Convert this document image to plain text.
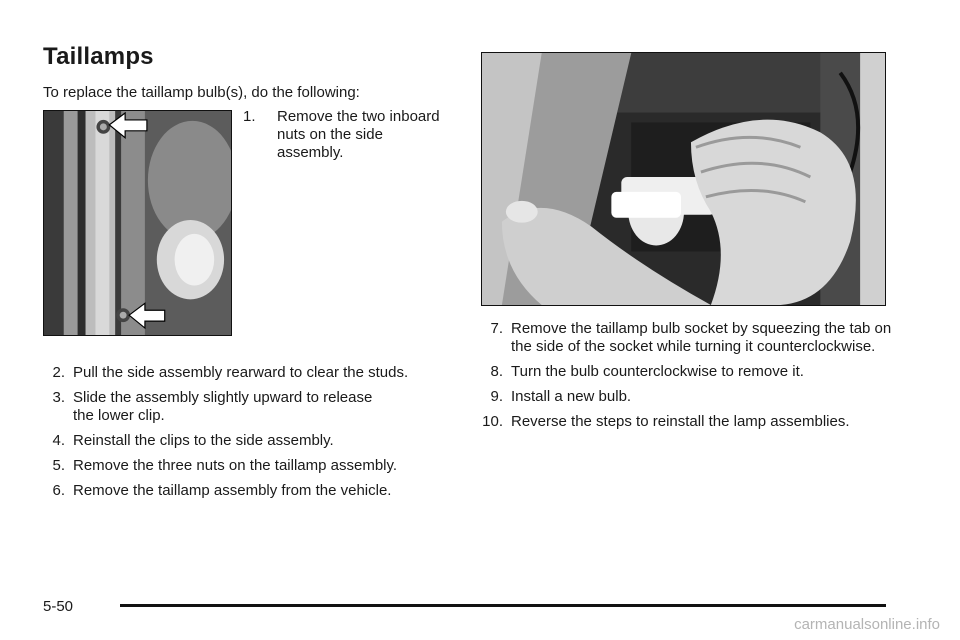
Taillamps
To replace the taillamp bulb(s), do the following:
1.	Remove the two inboard nuts on the side assembly.
2. Pull the side assembly rearward to clear the studs.
3. Slide the assembly slightly upward to release the lower clip.
4. Reinstall the clips to the side assembly.
5. Remove the three nuts on the taillamp assembly.
6. Remove the taillamp assembly from the vehicle.
7. Remove the taillamp bulb socket by squeezing the tab on the side of the socket while turning it counterclockwise.
8. Turn the bulb counterclockwise to remove it.
9. Install a new bulb.
10. Reverse the steps to reinstall the lamp assemblies.
5-50
carmanualsonline.info
